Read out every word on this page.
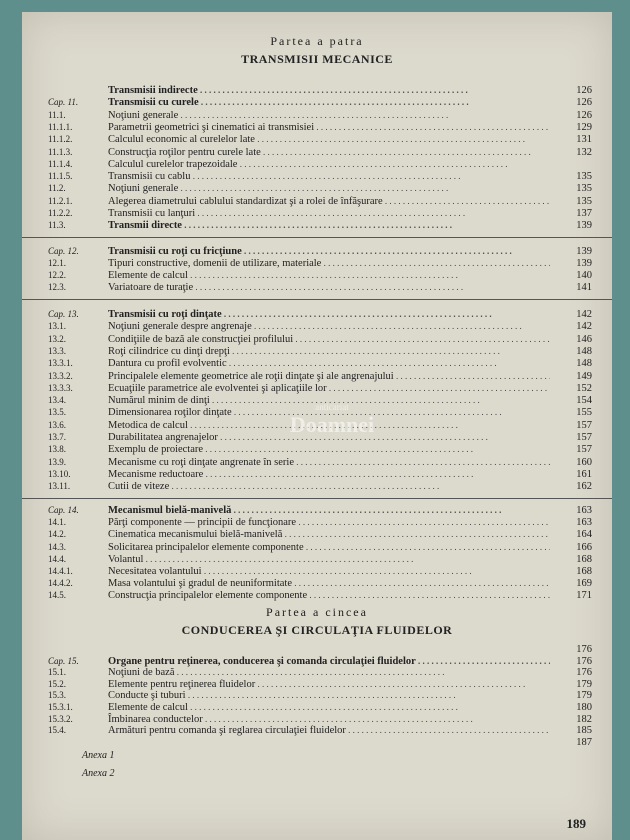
Partea a patra
TRANSMISII MECANICE
Transmisii indirecte . . .	126
Cap. 11.	Transmisii cu curele . . .	126
11.1.	Noţiuni generale . . .	126
11.1.1.	Parametrii geometrici şi cinematici ai transmisiei . . .	129
11.1.2.	Calculul economic al curelelor late . . .	131
11.1.3.	Construcţia roţilor pentru curele late . . .	132
11.1.4.	Calculul curelelor trapezoidale . . .
11.1.5.	Transmisii cu cablu . . .	135
11.2.	Noţiuni generale . . .	135
11.2.1.	Alegerea diametrului cablului standardizat şi a rolei de înfăşurare . . .	135
11.2.2.	Transmisii cu lanţuri . . .	137
11.3.	Transmii directe . . .	139
Cap. 12.	Transmisii cu roţi cu fricţiune . . .	139
12.1.	Tipuri constructive, domenii de utilizare, materiale . . .	139
12.2.	Elemente de calcul . . .	140
12.3.	Variatoare de turaţie . . .	141
Cap. 13.	Transmisii cu roţi dinţate . . .	142
13.1.	Noţiuni generale despre angrenaje . . .	142
13.2.	Condiţiile de bază ale construcţiei profilului . . .	146
13.3.	Roţi cilindrice cu dinţi drepţi . . .	148
13.3.1.	Dantura cu profil evolventic . . .	148
13.3.2.	Principalele elemente geometrice ale roţii dinţate şi ale angrenajului . . .	149
13.3.3.	Ecuaţiile parametrice ale evolventei şi aplicaţiile lor . . .	152
13.4.	Numărul minim de dinţi . . .	154
13.5.	Dimensionarea roţilor dinţate . . .	155
13.6.	Metodica de calcul . . .	157
13.7.	Durabilitatea angrenajelor . . .	157
13.8.	Exemplu de proiectare . . .	157
13.9.	Mecanisme cu roţi dinţate angrenate în serie . . .	160
13.10.	Mecanisme reductoare . . .	161
13.11.	Cutii de viteze . . .	162
Cap. 14.	Mecanismul bielă-manivelă . . .	163
14.1.	Părţi componente — principii de funcţionare . . .	163
14.2.	Cinematica mecanismului bielă-manivelă . . .	164
14.3.	Solicitarea principalelor elemente componente . . .	166
14.4.	Volantul . . .	168
14.4.1.	Necesitatea volantului . . .	168
14.4.2.	Masa volantului şi gradul de neuniformitate . . .	169
14.5.	Construcţia principalelor elemente componente . . .	171
Partea a cincea
CONDUCEREA ŞI CIRCULAŢIA FLUIDELOR
176
Cap. 15.	Organe pentru reţinerea, conducerea şi comanda circulaţiei fluidelor . . .	176
15.1.	Noţiuni de bază . . .	176
15.2.	Elemente pentru reţinerea fluidelor . . .	179
15.3.	Conducte şi tuburi . . .	179
15.3.1.	Elemente de calcul . . .	180
15.3.2.	Îmbinarea conductelor . . .	182
15.4.	Armături pentru comanda şi reglarea circulaţiei fluidelor . . .	185
187
Anexa 1
Anexa 2
anticariat
Doamnei
189
